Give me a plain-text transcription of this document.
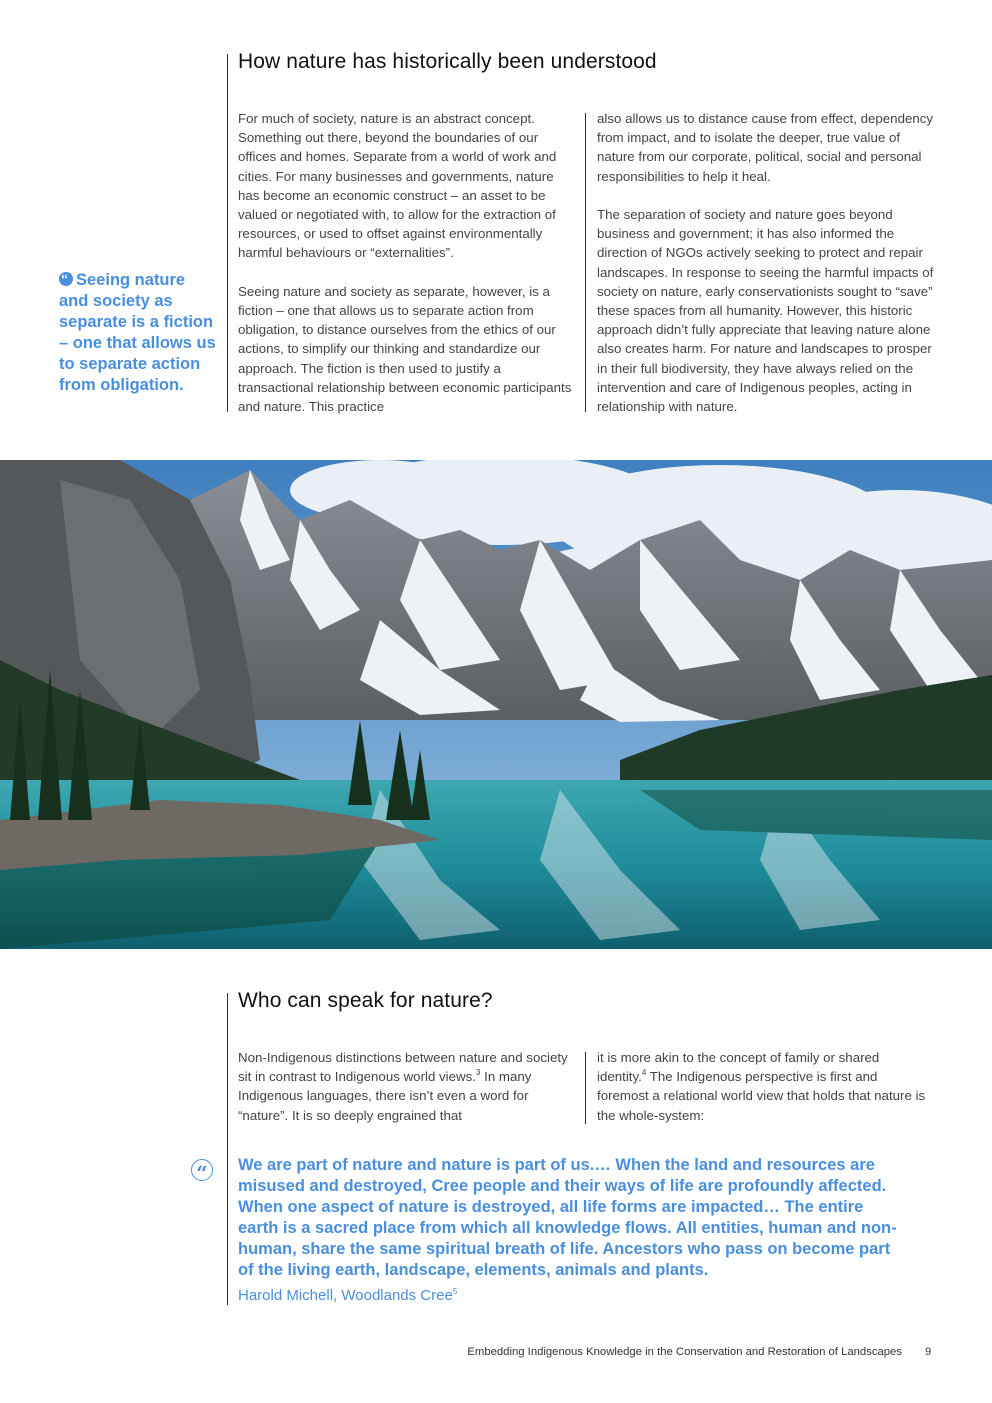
How nature has historically been understood

For much of society, nature is an abstract concept. Something out there, beyond the boundaries of our offices and homes. Separate from a world of work and cities. For many businesses and governments, nature has become an economic construct – an asset to be valued or negotiated with, to allow for the extraction of resources, or used to offset against environmentally harmful behaviours or “externalities”.

Seeing nature and society as separate, however, is a fiction – one that allows us to separate action from obligation, to distance ourselves from the ethics of our actions, to simplify our thinking and standardize our approach. The fiction is then used to justify a transactional relationship between economic participants and nature. This practice

also allows us to distance cause from effect, dependency from impact, and to isolate the deeper, true value of nature from our corporate, political, social and personal responsibilities to help it heal.

The separation of society and nature goes beyond business and government; it has also informed the direction of NGOs actively seeking to protect and repair landscapes. In response to seeing the harmful impacts of society on nature, early conservationists sought to “save” these spaces from all humanity. However, this historic approach didn’t fully appreciate that leaving nature alone also creates harm. For nature and landscapes to prosper in their full biodiversity, they have always relied on the intervention and care of Indigenous peoples, acting in relationship with nature.

“Seeing nature and society as separate is a fiction – one that allows us to separate action from obligation.
Who can speak for nature?
Non-Indigenous distinctions between nature and society sit in contrast to Indigenous world views.$^3$ In many Indigenous languages, there isn’t even a word for “nature”. It is so deeply engrained that
it is more akin to the concept of family or shared identity.$^4$ The Indigenous perspective is first and foremost a relational world view that holds that nature is the whole-system:
“	We are part of nature and nature is part of us.… When the land and resources are misused and destroyed, Cree people and their ways of life are profoundly affected. When one aspect of nature is destroyed, all life forms are impacted… The entire earth is a sacred place from which all knowledge flows. All entities, human and non-human, share the same spiritual breath of life. Ancestors who pass on become part of the living earth, landscape, elements, animals and plants.
Harold Michell, Woodlands Cree$^5$
Embedding Indigenous Knowledge in the Conservation and Restoration of Landscapes 9
